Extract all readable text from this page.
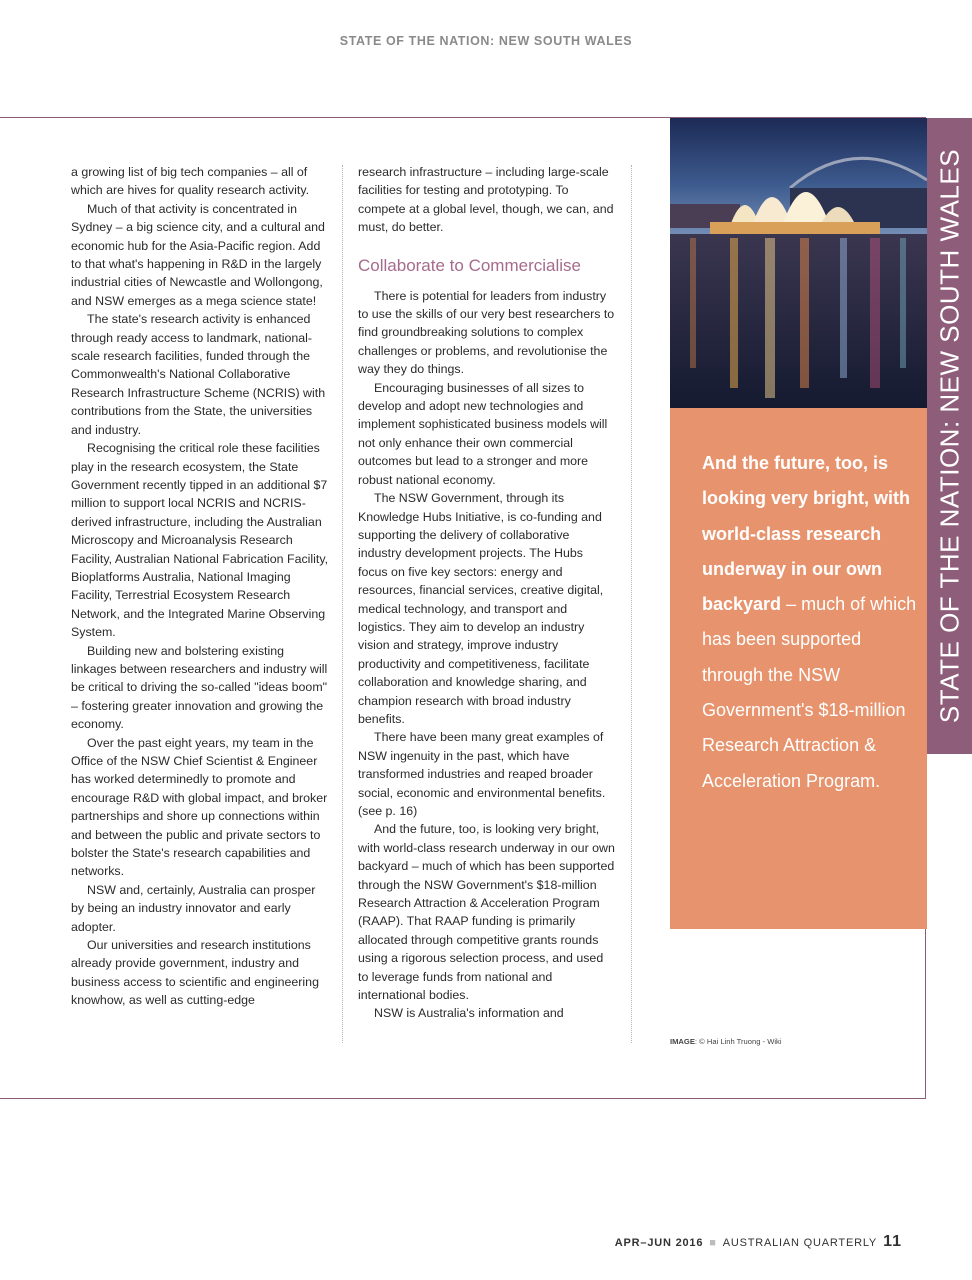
STATE OF THE NATION: NEW SOUTH WALES

a growing list of big tech companies – all of which are hives for quality research activity.

Much of that activity is concentrated in Sydney – a big science city, and a cultural and economic hub for the Asia-Pacific region. Add to that what's happening in R&D in the largely industrial cities of Newcastle and Wollongong, and NSW emerges as a mega science state!

The state's research activity is enhanced through ready access to landmark, national-scale research facilities, funded through the Commonwealth's National Collaborative Research Infrastructure Scheme (NCRIS) with contributions from the State, the universities and industry.

Recognising the critical role these facilities play in the research ecosystem, the State Government recently tipped in an additional $7 million to support local NCRIS and NCRIS-derived infrastructure, including the Australian Microscopy and Microanalysis Research Facility, Australian National Fabrication Facility, Bioplatforms Australia, National Imaging Facility, Terrestrial Ecosystem Research Network, and the Integrated Marine Observing System.

Building new and bolstering existing linkages between researchers and industry will be critical to driving the so-called "ideas boom" – fostering greater innovation and growing the economy.

Over the past eight years, my team in the Office of the NSW Chief Scientist & Engineer has worked determinedly to promote and encourage R&D with global impact, and broker partnerships and shore up connections within and between the public and private sectors to bolster the State's research capabilities and networks.

NSW and, certainly, Australia can prosper by being an industry innovator and early adopter.

Our universities and research institutions already provide government, industry and business access to scientific and engineering knowhow, as well as cutting-edge

research infrastructure – including large-scale facilities for testing and prototyping. To compete at a global level, though, we can, and must, do better.

Collaborate to Commercialise

There is potential for leaders from industry to use the skills of our very best researchers to find groundbreaking solutions to complex challenges or problems, and revolutionise the way they do things.

Encouraging businesses of all sizes to develop and adopt new technologies and implement sophisticated business models will not only enhance their own commercial outcomes but lead to a stronger and more robust national economy.

The NSW Government, through its Knowledge Hubs Initiative, is co-funding and supporting the delivery of collaborative industry development projects. The Hubs focus on five key sectors: energy and resources, financial services, creative digital, medical technology, and transport and logistics. They aim to develop an industry vision and strategy, improve industry productivity and competitiveness, facilitate collaboration and knowledge sharing, and champion research with broad industry benefits.

There have been many great examples of NSW ingenuity in the past, which have transformed industries and reaped broader social, economic and environmental benefits. (see p. 16)

And the future, too, is looking very bright, with world-class research underway in our own backyard – much of which has been supported through the NSW Government's $18-million Research Attraction & Acceleration Program (RAAP). That RAAP funding is primarily allocated through competitive grants rounds using a rigorous selection process, and used to leverage funds from national and international bodies.

NSW is Australia's information and

And the future, too, is looking very bright, with world-class research underway in our own backyard – much of which has been supported through the NSW Government's $18-million Research Attraction & Acceleration Program.
STATE OF THE NATION: NEW SOUTH WALES
IMAGE: © Hai Linh Truong - Wiki
APR–JUN 2016 ■ AUSTRALIAN QUARTERLY 11
